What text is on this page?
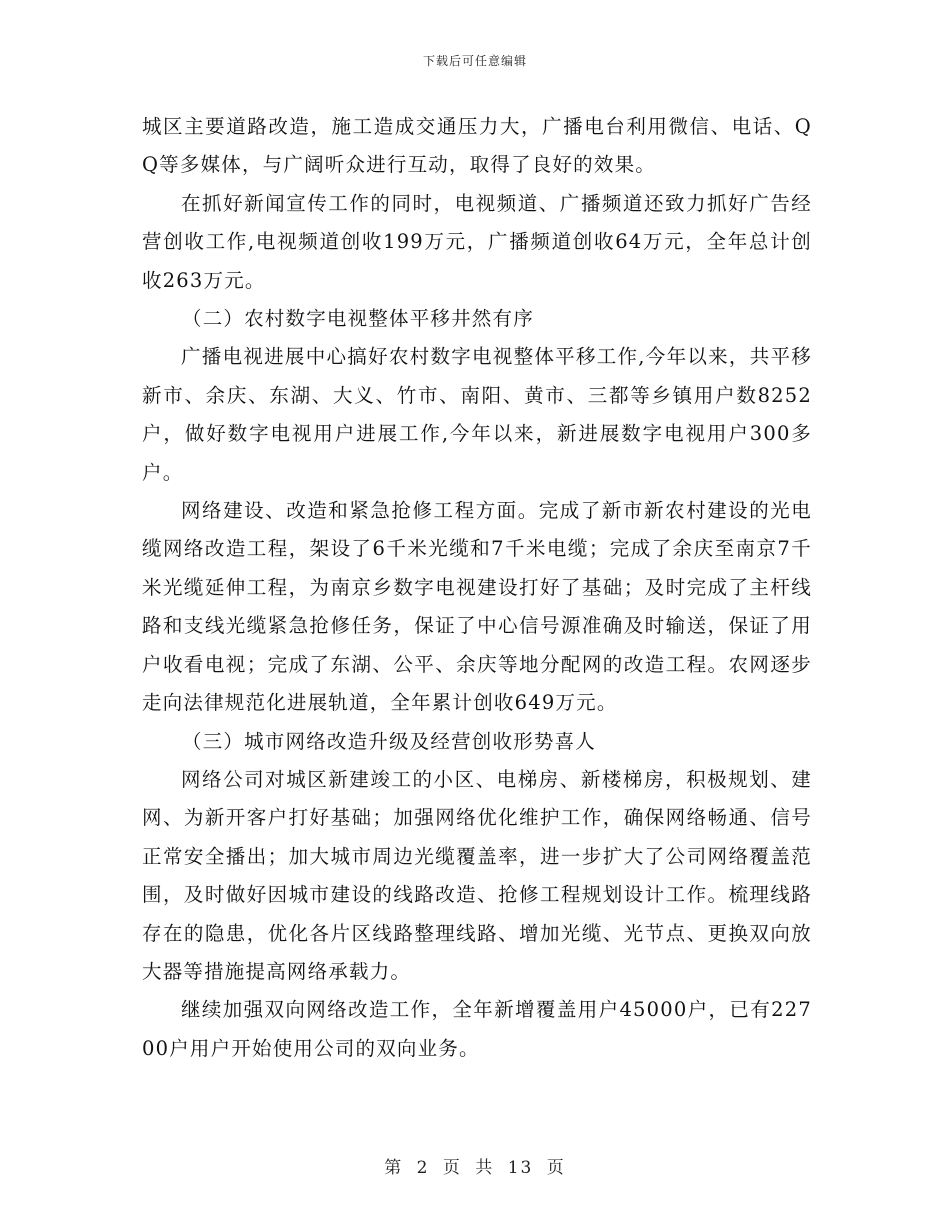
下载后可任意编辑

城区主要道路改造，施工造成交通压力大，广播电台利用微信、电话、QQ等多媒体，与广阔听众进行互动，取得了良好的效果。

在抓好新闻宣传工作的同时，电视频道、广播频道还致力抓好广告经营创收工作,电视频道创收199万元，广播频道创收64万元，全年总计创收263万元。

（二）农村数字电视整体平移井然有序

广播电视进展中心搞好农村数字电视整体平移工作,今年以来，共平移新市、余庆、东湖、大义、竹市、南阳、黄市、三都等乡镇用户数8252户，做好数字电视用户进展工作,今年以来，新进展数字电视用户300多户。

网络建设、改造和紧急抢修工程方面。完成了新市新农村建设的光电缆网络改造工程，架设了6千米光缆和7千米电缆；完成了余庆至南京7千米光缆延伸工程，为南京乡数字电视建设打好了基础；及时完成了主杆线路和支线光缆紧急抢修任务，保证了中心信号源准确及时输送，保证了用户收看电视；完成了东湖、公平、余庆等地分配网的改造工程。农网逐步走向法律规范化进展轨道，全年累计创收649万元。

（三）城市网络改造升级及经营创收形势喜人

网络公司对城区新建竣工的小区、电梯房、新楼梯房，积极规划、建网、为新开客户打好基础；加强网络优化维护工作，确保网络畅通、信号正常安全播出；加大城市周边光缆覆盖率，进一步扩大了公司网络覆盖范围，及时做好因城市建设的线路改造、抢修工程规划设计工作。梳理线路存在的隐患，优化各片区线路整理线路、增加光缆、光节点、更换双向放大器等措施提高网络承载力。

继续加强双向网络改造工作，全年新增覆盖用户45000户，已有22700户用户开始使用公司的双向业务。

第 2 页 共 13 页
